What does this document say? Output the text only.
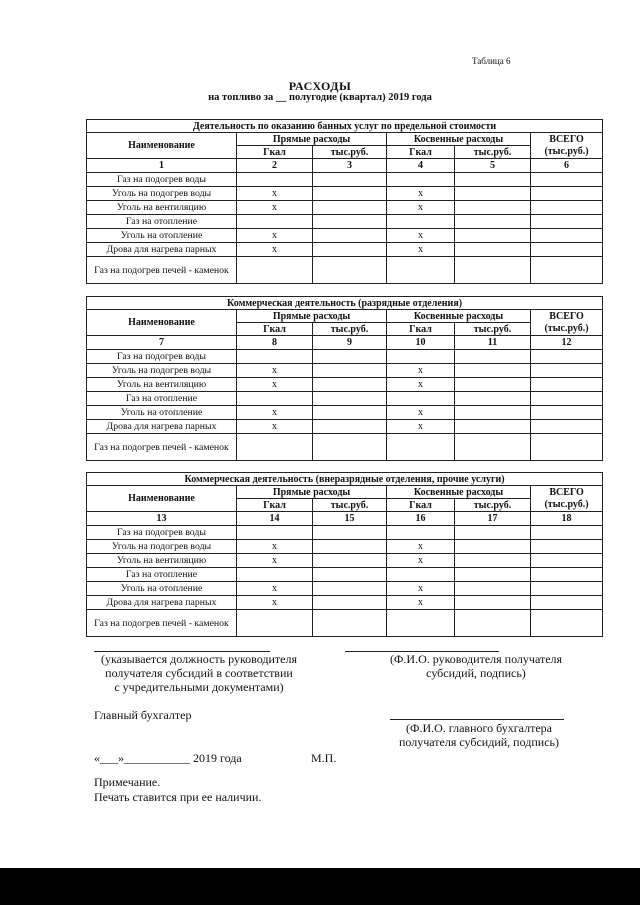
Таблица 6
РАСХОДЫ
на топливо за __ полугодие (квартал) 2019 года
Деятельность по оказанию банных услуг по предельной стоимости					
Наименование	Прямые расходы		Косвенные расходы		ВСЕГО
(тыс.руб.)

	Гкал	тыс.руб.	Гкал	тыс.руб.	
1	2	3	4	5	6
Газ на подогрев воды					
Уголь на подогрев воды	x		x		
Уголь на вентиляцию	x		x		
Газ на отопление					
Уголь на отопление	x		x		
Дрова для нагрева парных	x		x		
Газ на подогрев печей - каменок					
Коммерческая деятельность (разрядные отделения)					
Наименование	Прямые расходы		Косвенные расходы		ВСЕГО
(тыс.руб.)

	Гкал	тыс.руб.	Гкал	тыс.руб.	
7	8	9	10	11	12
Газ на подогрев воды					
Уголь на подогрев воды	x		x		
Уголь на вентиляцию	x		x		
Газ на отопление					
Уголь на отопление	x		x		
Дрова для нагрева парных	x		x		
Газ на подогрев печей - каменок					
Коммерческая деятельность (внеразрядные отделения, прочие услуги)					
Наименование	Прямые расходы		Косвенные расходы		ВСЕГО
(тыс.руб.)

	Гкал	тыс.руб.	Гкал	тыс.руб.	
13	14	15	16	17	18
Газ на подогрев воды					
Уголь на подогрев воды	x		x		
Уголь на вентиляцию	x		x		
Газ на отопление					
Уголь на отопление	x		x		
Дрова для нагрева парных	x		x		
Газ на подогрев печей - каменок					
(указывается должность руководителя
получателя субсидий в соответствии
с учредительными документами)
(Ф.И.О. руководителя получателя
субсидий, подпись)
Главный бухгалтер
(Ф.И.О. главного бухгалтера
получателя субсидий, подпись)
«___»___________ 2019 года	М.П.
Примечание.
Печать ставится при ее наличии.
